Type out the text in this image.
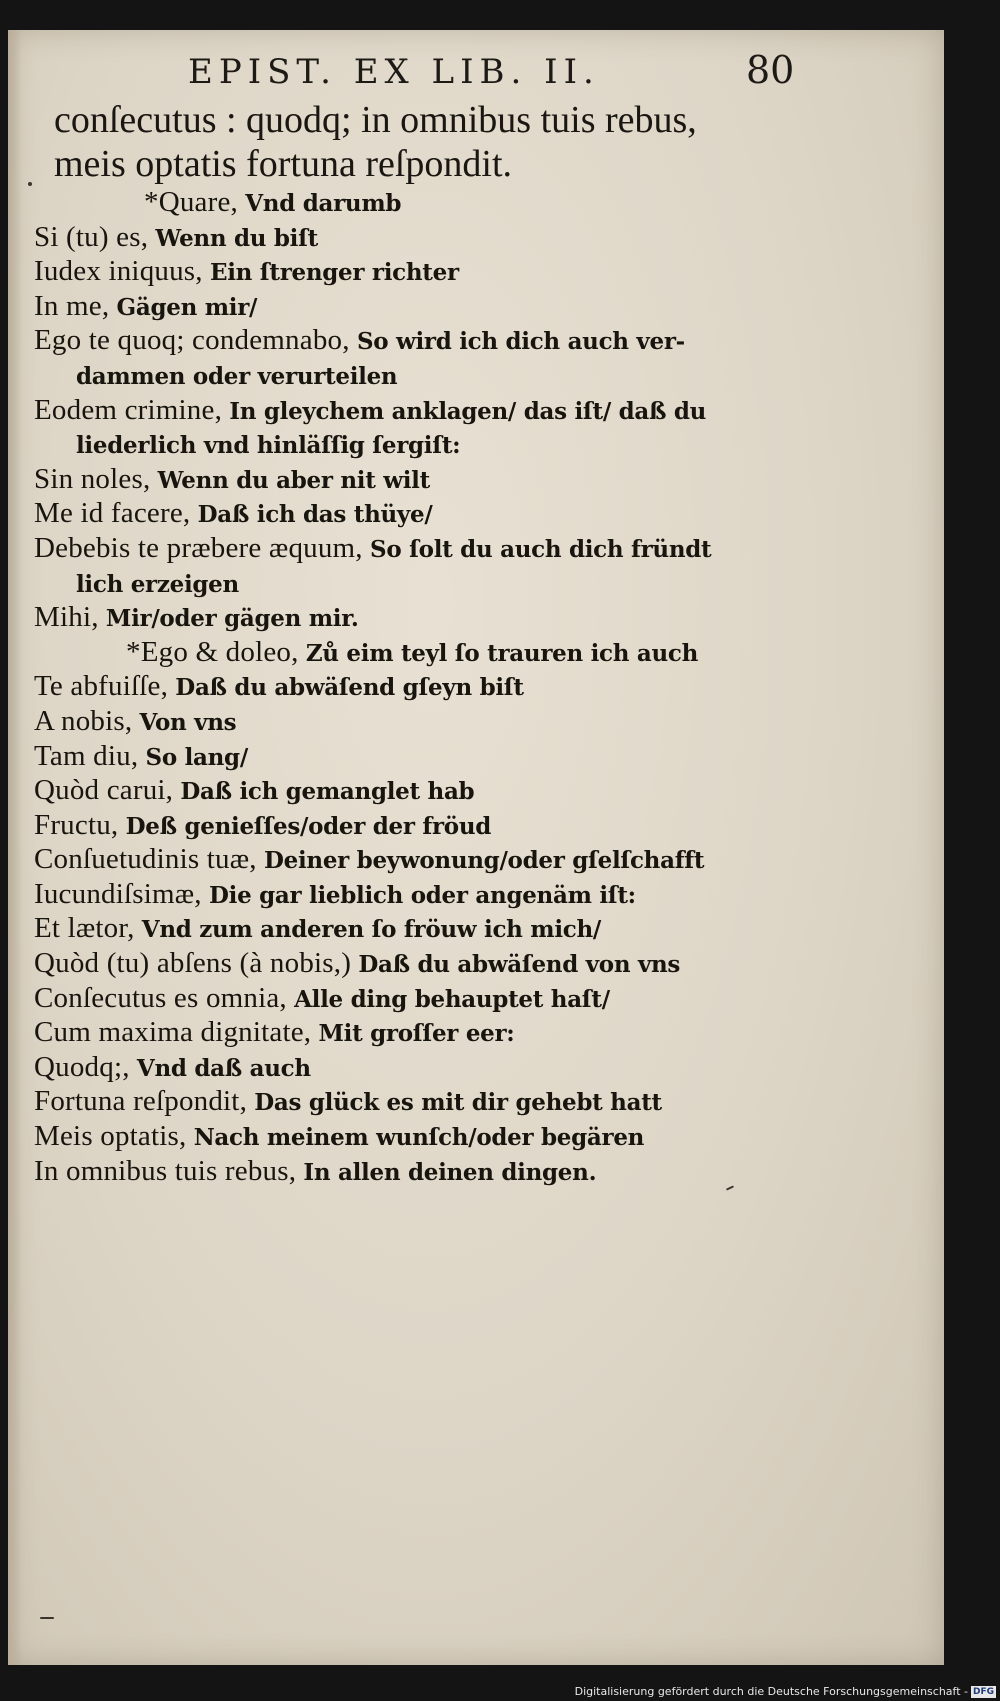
EPIST. EX LIB. II.	80
conſecutus : quodq; in omnibus tuis rebus,
meis optatis fortuna reſpondit.
*Quare, Vnd darumb
Si (tu) es, Wenn du biſt
Iudex iniquus, Ein ſtrenger richter
In me, Gägen mir/
Ego te quoq; condemnabo, So wird ich dich auch ver-
dammen oder verurteilen
Eodem crimine, In gleychem anklagen/ das iſt/ daß du
liederlich vnd hinläſſig ſergiſt:
Sin noles, Wenn du aber nit wilt
Me id facere, Daß ich das thüye/
Debebis te præbere æquum, So ſolt du auch dich fründt
lich erzeigen
Mihi, Mir/oder gägen mir.
*Ego & doleo, Zů eim teyl ſo trauren ich auch
Te abfuiſſe, Daß du abwäſend gſeyn biſt
A nobis, Von vns
Tam diu, So lang/
Quòd carui, Daß ich gemanglet hab
Fructu, Deß genieſſes/oder der fröud
Conſuetudinis tuæ, Deiner beywonung/oder gſelſchafft
Iucundiſsimæ, Die gar lieblich oder angenäm iſt:
Et lætor, Vnd zum anderen ſo fröuw ich mich/
Quòd (tu) abſens (à nobis,) Daß du abwäſend von vns
Conſecutus es omnia, Alle ding behauptet haſt/
Cum maxima dignitate, Mit groſſer eer:
Quodq;, Vnd daß auch
Fortuna reſpondit, Das glück es mit dir gehebt hatt
Meis optatis, Nach meinem wunſch/oder begären
In omnibus tuis rebus, In allen deinen dingen.
Digitalisierung gefördert durch die Deutsche Forschungsgemeinschaft - DFG
